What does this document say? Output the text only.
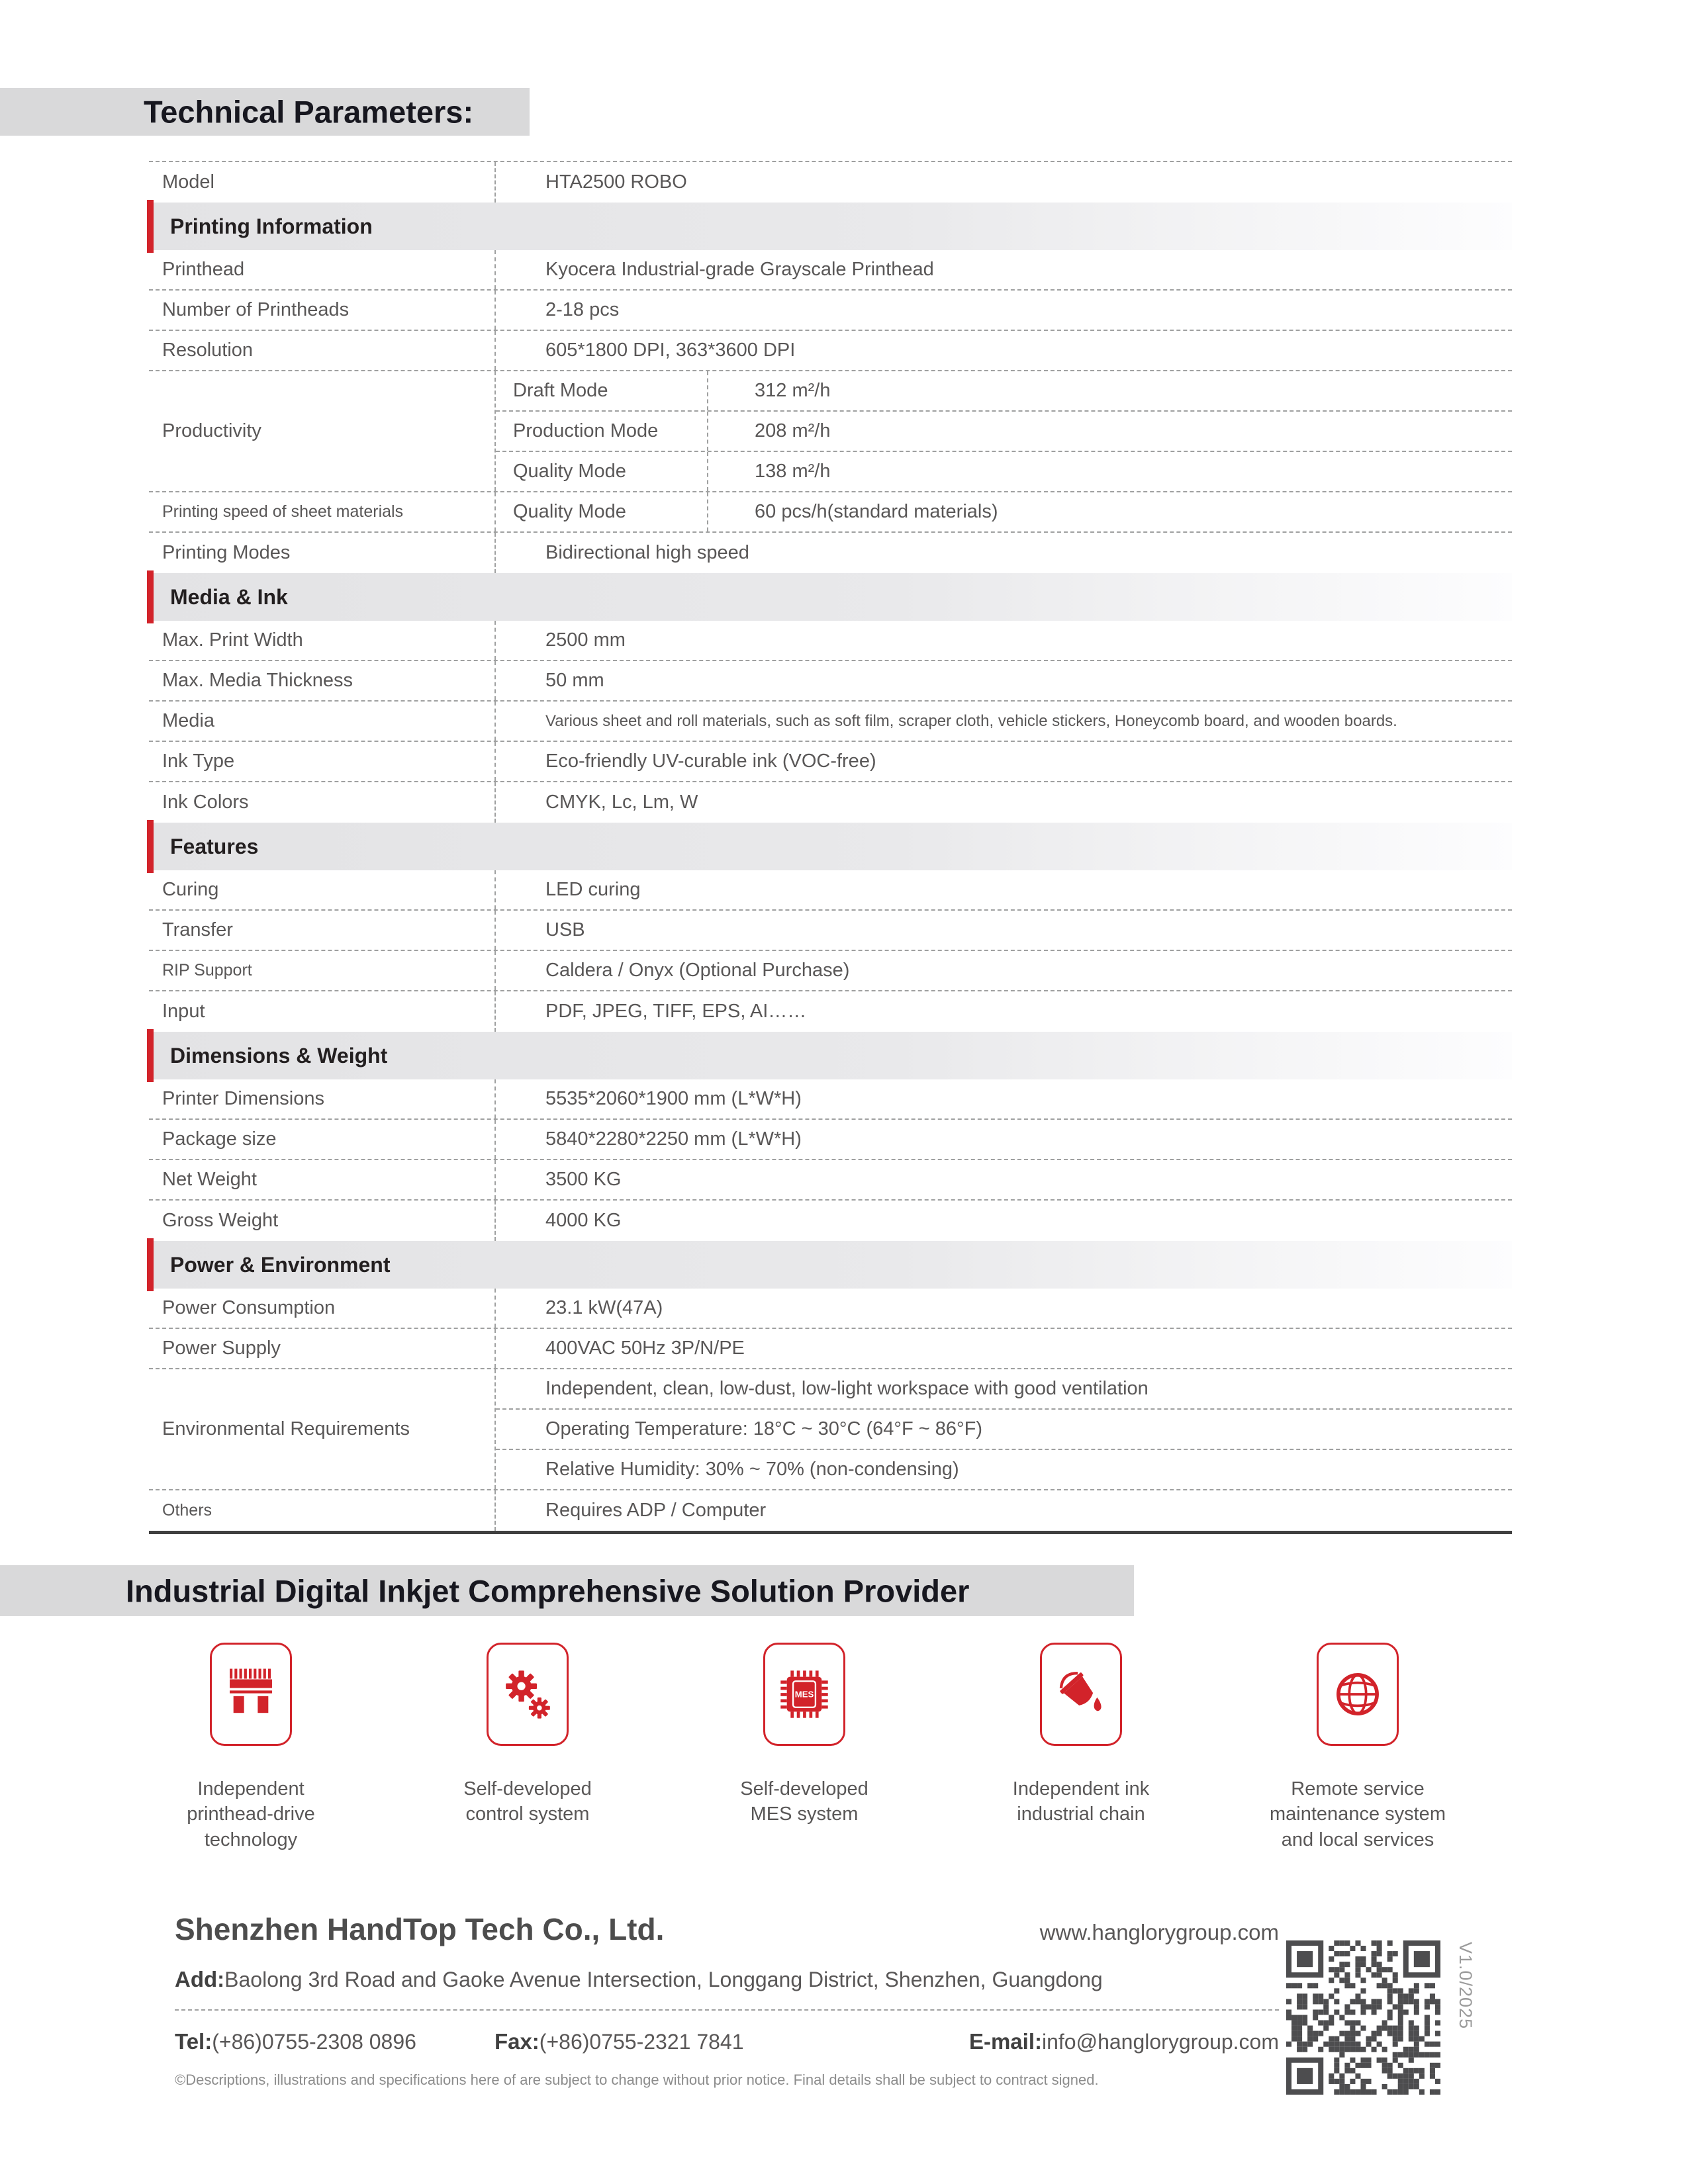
Technical Parameters:
Model	HTA2500 ROBO
Printing Information
Printhead	Kyocera Industrial-grade Grayscale Printhead
Number of Printheads	2-18 pcs
Resolution	605*1800 DPI, 363*3600 DPI
Productivity
Draft Mode	312 m²/h
Production Mode	208 m²/h
Quality Mode	138 m²/h
Printing speed of sheet materials	Quality Mode	60 pcs/h(standard materials)
Printing Modes	Bidirectional high speed
Media & Ink
Max. Print Width	2500 mm
Max. Media Thickness	50 mm
Media	Various sheet and roll materials, such as soft film, scraper cloth, vehicle stickers, Honeycomb board, and wooden boards.
Ink Type	Eco-friendly UV-curable ink (VOC-free)
Ink Colors	CMYK, Lc, Lm, W
Features
Curing	LED curing
Transfer	USB
RIP Support	Caldera / Onyx (Optional Purchase)
Input	PDF, JPEG, TIFF, EPS, AI……
Dimensions & Weight
Printer Dimensions	5535*2060*1900 mm (L*W*H)
Package size	5840*2280*2250 mm (L*W*H)
Net Weight	3500 KG
Gross Weight	4000 KG
Power & Environment
Power Consumption	23.1 kW(47A)
Power Supply	400VAC 50Hz 3P/N/PE
Environmental Requirements
Independent, clean, low-dust, low-light workspace with good ventilation
Operating Temperature: 18°C ~ 30°C (64°F ~ 86°F)
Relative Humidity: 30% ~ 70% (non-condensing)
Others	Requires ADP / Computer
Industrial Digital Inkjet Comprehensive Solution Provider
Independent printhead-drive technology
Self-developed control system
MES
Self-developed MES system
Independent ink industrial chain
Remote service maintenance system and local services
Shenzhen HandTop Tech Co., Ltd.	www.hanglorygroup.com
Add:Baolong 3rd Road and Gaoke Avenue Intersection, Longgang District, Shenzhen, Guangdong
Tel:(+86)0755-2308 0896	Fax:(+86)0755-2321 7841	E-mail:info@hanglorygroup.com
©Descriptions, illustrations and specifications here of are subject to change without prior notice. Final details shall be subject to contract signed.
V1.0/2025
